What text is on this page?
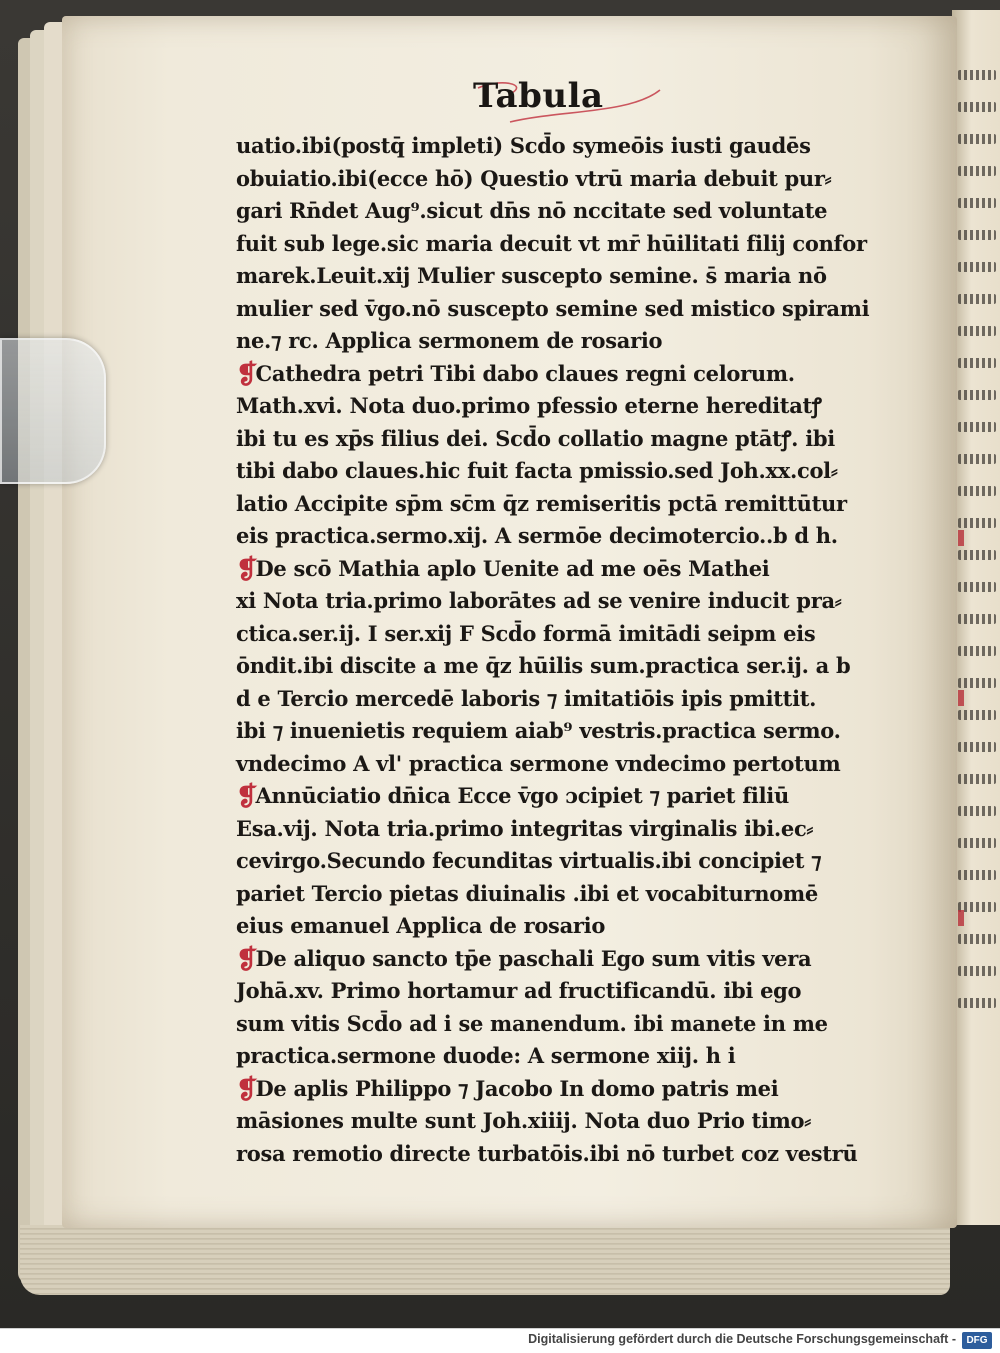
Tabula
uatio.ibi(postq̄ impleti) Scd̄o symeōis iusti gaudēs
obuiatio.ibi(ecce hō) Questio vtrū maria debuit pur⸗
gari Rn̄det Aug⁹.sicut dn̄s nō nccitate sed voluntate
fuit sub lege.sic maria decuit vt mr̄ hūilitati filij confor
marek.Leuit.xij Mulier suscepto semine. s̄ maria nō
mulier sed v̄go.nō suscepto semine sed mistico spirami
ne.⁊ rc. Applica sermonem de rosario
❡Cathedra petri Tibi dabo claues regni celorum.
Math.xvi. Nota duo.primo pfessio eterne hereditatꝭ
ibi tu es xp̄s filius dei. Scd̄o collatio magne ptātꝭ. ibi
tibi dabo claues.hic fuit facta pmissio.sed Joh.xx.col⸗
latio Accipite sp̄m sc̄m q̄z remiseritis pctā remittūtur
eis practica.sermo.xij. A sermōe decimotercio..b d h.
❡De scō Mathia aplo Uenite ad me oēs Mathei
xi Nota tria.primo laborātes ad se venire inducit pra⸗
ctica.ser.ij. I ser.xij F Scd̄o formā imitādi seipm eis
ōndit.ibi discite a me q̄z hūilis sum.practica ser.ij. a b
d e Tercio mercedē laboris ⁊ imitatiōis ipis pmittit.
ibi ⁊ inuenietis requiem aiab⁹ vestris.practica sermo.
vndecimo A vl' practica sermone vndecimo pertotum
❡Annūciatio dn̄ica Ecce v̄go ɔcipiet ⁊ pariet filiū
Esa.vij. Nota tria.primo integritas virginalis ibi.ec⸗
cevirgo.Secundo fecunditas virtualis.ibi concipiet ⁊
pariet Tercio pietas diuinalis .ibi et vocabiturnomē
eius emanuel Applica de rosario
❡De aliquo sancto tp̄e paschali Ego sum vitis vera
Johā.xv. Primo hortamur ad fructificandū. ibi ego
sum vitis Scd̄o ad i se manendum. ibi manete in me
practica.sermone duode: A sermone xiij. h i
❡De aplis Philippo ⁊ Jacobo In domo patris mei
māsiones multe sunt Joh.xiiij. Nota duo Prio timo⸗
rosa remotio directe turbatōis.ibi nō turbet coz vestrū
Digitalisierung gefördert durch die Deutsche Forschungsgemeinschaft -	DFG
